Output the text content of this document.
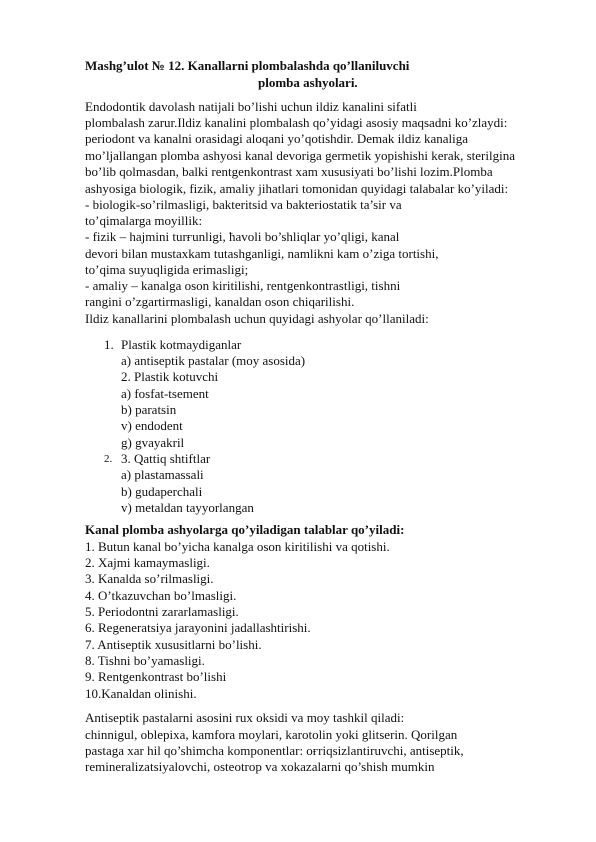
Mashg’ulot № 12. Kanallarni plombalashda qo’llaniluvchi
plomba ashyolari.
Endodontik davolash natijali bo’lishi uchun ildiz kanalini sifatli
plombalash zarur.Ildiz kanalini plombalash qo’yidagi asosiy maqsadni ko’zlaydi:
periodont va kanalni orasidagi aloqani yo’qotishdir. Demak ildiz kanaliga
mo’ljallangan plomba ashyosi kanal devoriga germetik yopishishi kerak, sterilgina
bo’lib qolmasdan, balki rentgenkontrast xam xususiyati bo’lishi lozim.Plomba
ashyosiga biologik, fizik, amaliy jihatlari tomonidan quyidagi talabalar ko’yiladi:
- biologik-so’rilmasligi, bakteritsid va bakteriostatik ta’sir va
to’qimalarga moyillik:
- fizik – hajmini turғunligi, ћavoli bo’shliqlar yo’qligi, kanal
devori bilan mustaxkam tutashganligi, namlikni kam o’ziga tortishi,
to’qima suyuqligida erimasligi;
- amaliy – kanalga oson kiritilishi, rentgenkontrastligi, tishni
rangini o’zgartirmasligi, kanaldan oson chiqarilishi.
Ildiz kanallarini plombalash uchun quyidagi ashyolar qo’llaniladi:
1. Plastik kotmaydiganlar
a) antiseptik pastalar (moy asosida)
2. Plastik kotuvchi
a) fosfat-tsement
b) paratsin
v) endodent
g) gvayakril
2. 3. Qattiq shtiftlar
a) plastamassali
b) gudaperchali
v) metaldan tayyorlangan
Kanal plomba ashyolarga qo’yiladigan talablar qo’yiladi:
1. Butun kanal bo’yicha kanalga oson kiritilishi va qotishi.
2. Xajmi kamaymasligi.
3. Kanalda so’rilmasligi.
4. O’tkazuvchan bo’lmasligi.
5. Periodontni zararlamasligi.
6. Regeneratsiya jarayonini jadallashtirishi.
7. Antiseptik xususitlarni bo’lishi.
8. Tishni bo’yamasligi.
9. Rentgenkontrast bo’lishi
10.Kanaldan olinishi.
Antiseptik pastalarni asosini rux oksidi va moy tashkil qiladi:
chinnigul, oblepixa, kamfora moylari, karotolin yoki glitserin. Qorilgan
pastaga xar hil qo’shimcha komponentlar: oғriqsizlantiruvchi, antiseptik,
remineralizatsiyalovchi, osteotrop va xokazalarni qo’shish mumkin
